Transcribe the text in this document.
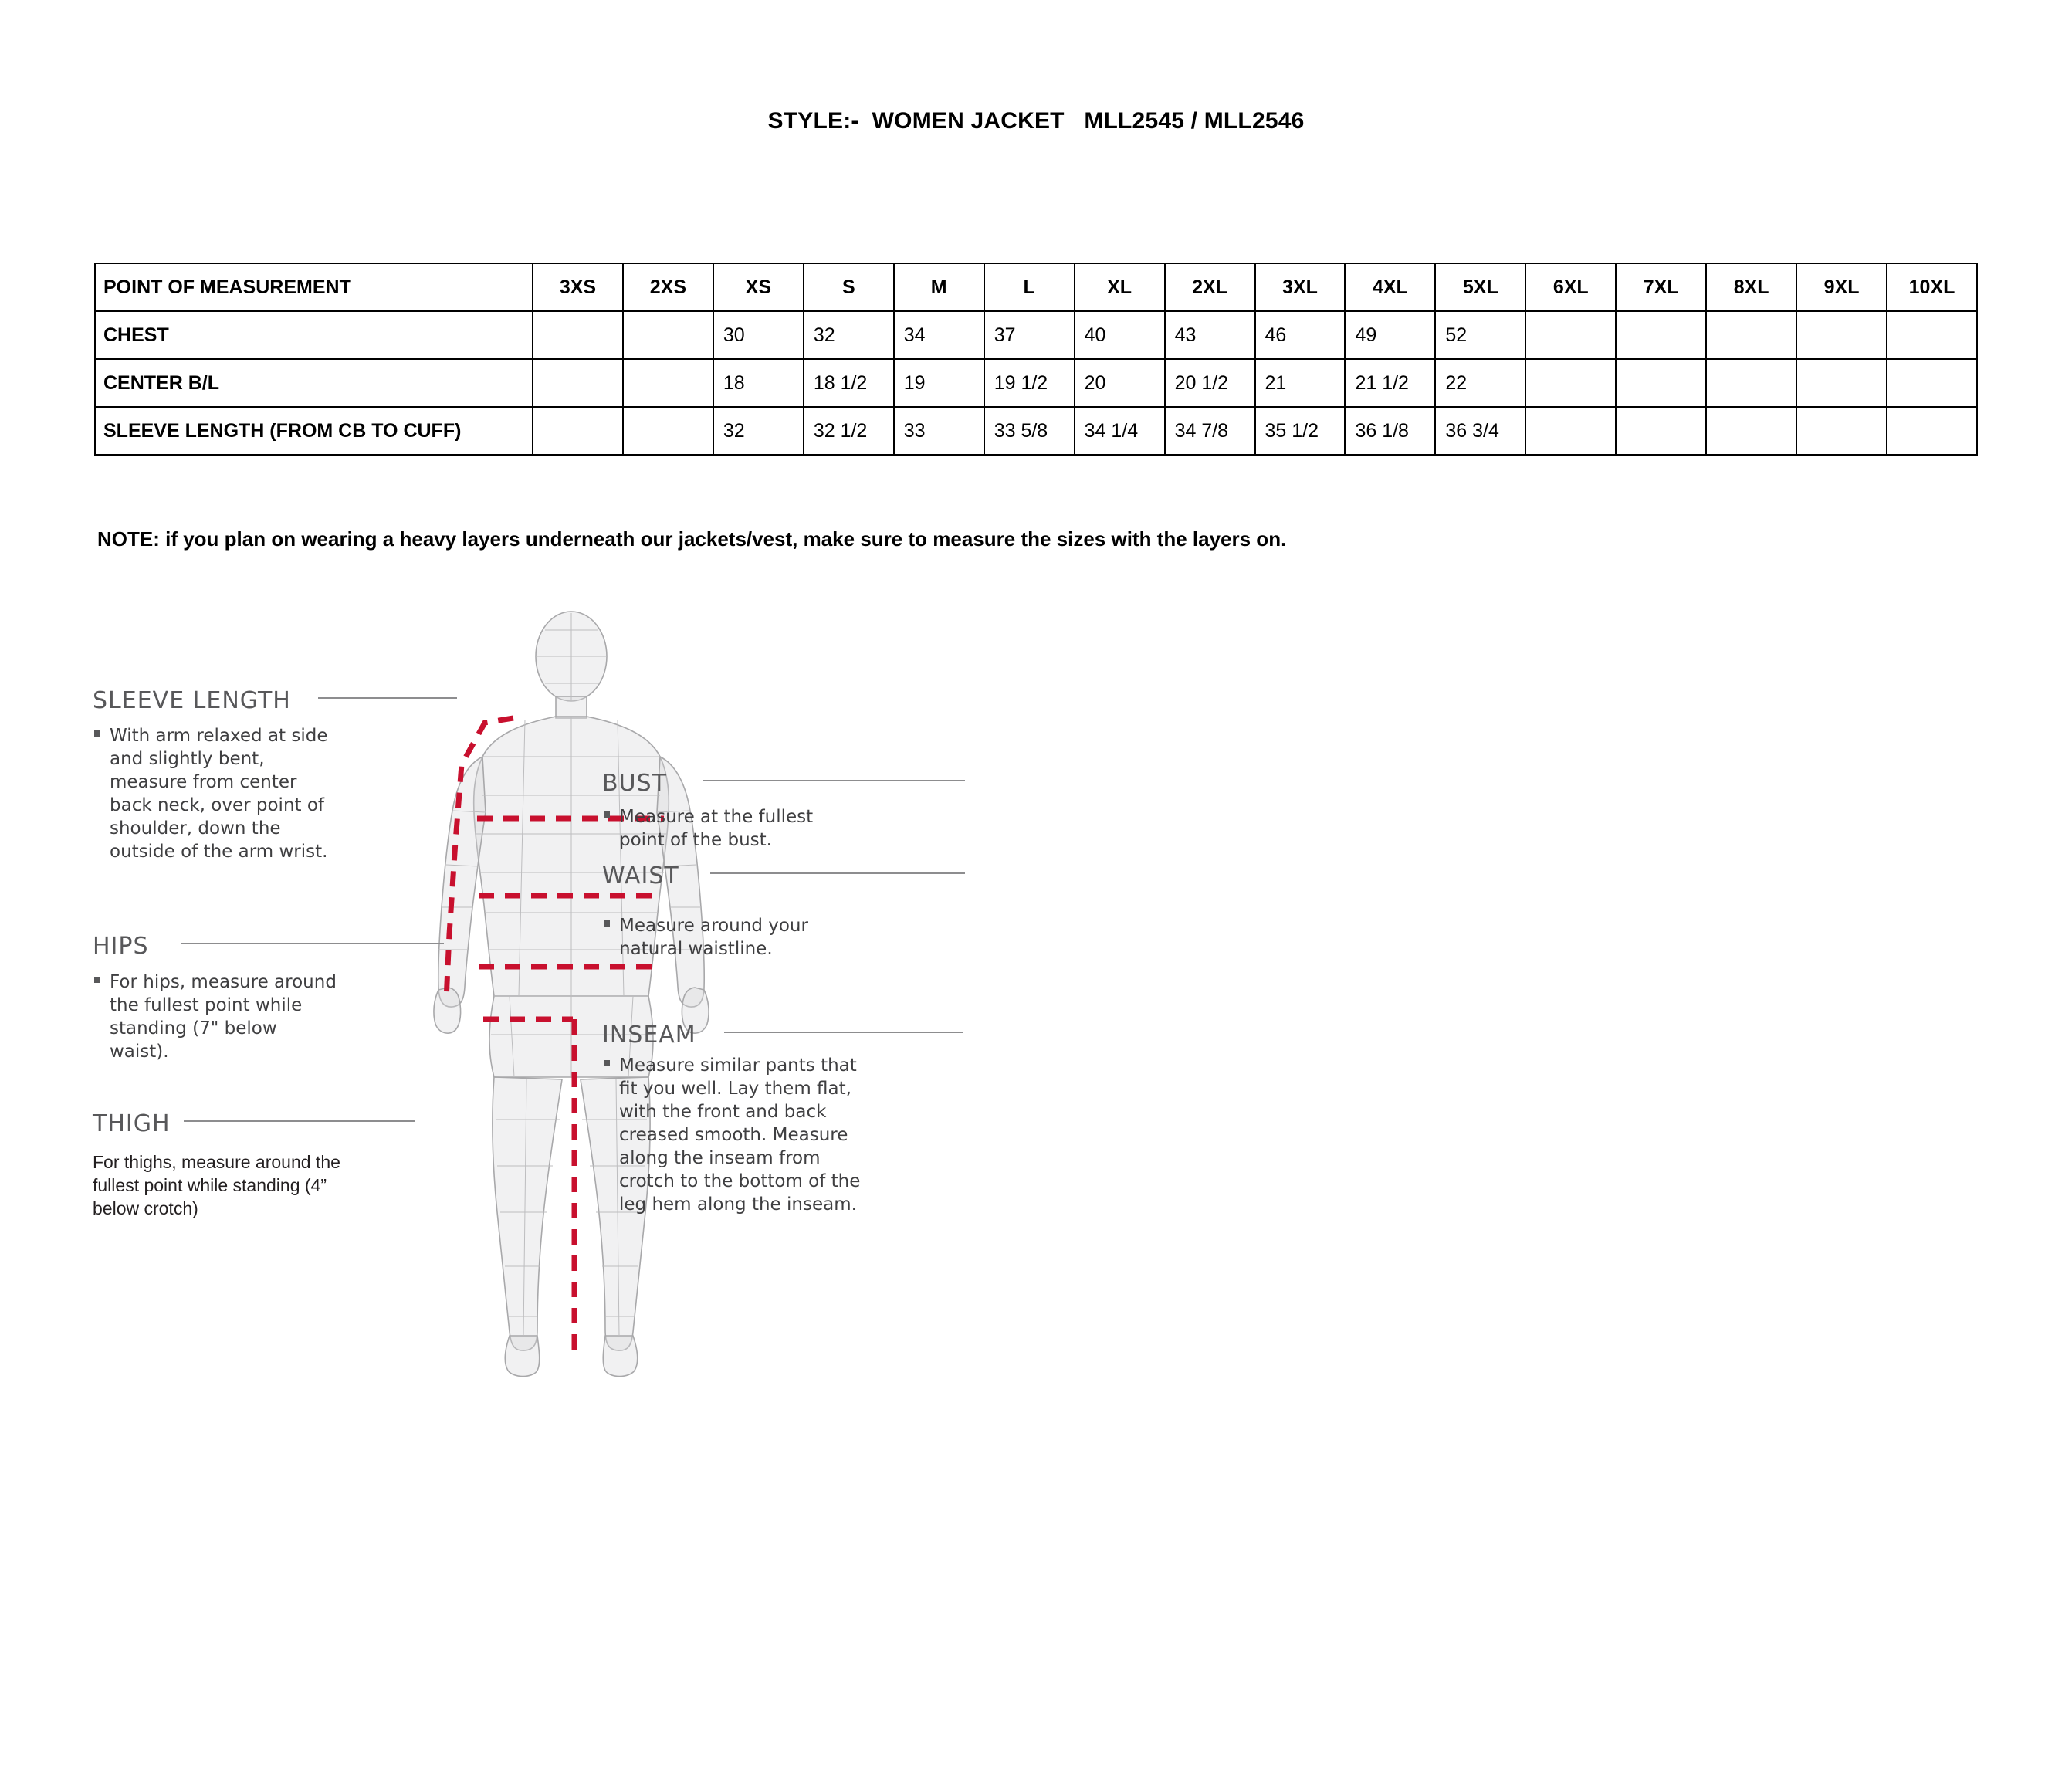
STYLE:-  WOMEN JACKET   MLL2545 / MLL2546
POINT OF MEASUREMENT	3XS	2XS	XS	S	M	L	XL	2XL	3XL	4XL	5XL	6XL	7XL	8XL	9XL	10XL
CHEST			30	32	34	37	40	43	46	49	52					
CENTER B/L			18	18 1/2	19	19 1/2	20	20 1/2	21	21 1/2	22					
SLEEVE LENGTH (FROM CB TO CUFF)			32	32 1/2	33	33 5/8	34 1/4	34 7/8	35 1/2	36 1/8	36 3/4					
NOTE: if you plan on wearing a heavy layers underneath our jackets/vest, make sure to measure the sizes with the layers on.
SLEEVE LENGTH
With arm relaxed at side and slightly bent, measure from center back neck, over point of shoulder, down the outside of the arm wrist.
HIPS
For hips, measure around the fullest point while standing (7" below waist).
THIGH
For thighs, measure around the fullest point while standing (4” below crotch)
BUST
Measure at the fullest point of the bust.
WAIST
Measure around your natural waistline.
INSEAM
Measure similar pants that fit you well. Lay them flat, with the front and back creased smooth. Measure along the inseam from crotch to the bottom of the leg hem along the inseam.
